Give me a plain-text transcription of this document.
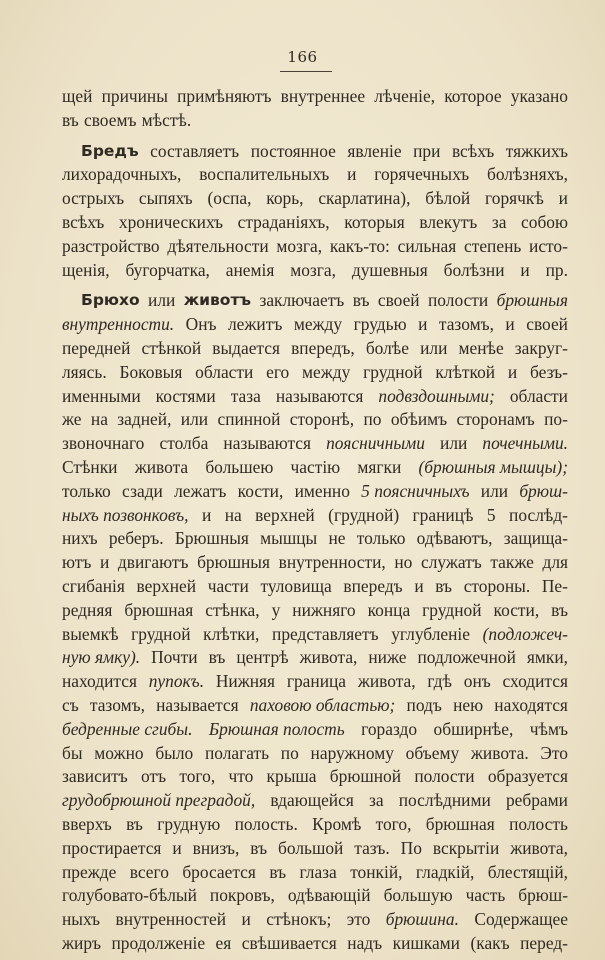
166
щей причины примѣняютъ внутреннее лѣченіе, которое указано
въ своемъ мѣстѣ.
Бредъ составляетъ постоянное явленіе при всѣхъ тяжкихъ
лихорадочныхъ, воспалительныхъ и горячечныхъ болѣзняхъ,
острыхъ сыпяхъ (оспа, корь, скарлатина), бѣлой горячкѣ и
всѣхъ хроническихъ страданіяхъ, которыя влекутъ за собою
разстройство дѣятельности мозга, какъ-то: сильная степень исто-
щенія, бугорчатка, анемія мозга, душевныя болѣзни и пр.
Брюхо или животъ заключаетъ въ своей полости брюшныя
внутренности. Онъ лежитъ между грудью и тазомъ, и своей
передней стѣнкой выдается впередъ, болѣе или менѣе закруг-
ляясь. Боковыя области его между грудной клѣткой и безъ-
именными костями таза называются подвздошными; области
же на задней, или спинной сторонѣ, по обѣимъ сторонамъ по-
звоночнаго столба называются поясничными или почечными.
Стѣнки живота большею частію мягки (брюшныя мышцы);
только сзади лежатъ кости, именно 5 поясничныхъ или брюш-
ныхъ позвонковъ, и на верхней (грудной) границѣ 5 послѣд-
нихъ реберъ. Брюшныя мышцы не только одѣваютъ, защища-
ютъ и двигаютъ брюшныя внутренности, но служатъ также для
сгибанія верхней части туловища впередъ и въ стороны. Пе-
редняя брюшная стѣнка, у нижняго конца грудной кости, въ
выемкѣ грудной клѣтки, представляетъ углубленіе (подложеч-
ную ямку). Почти въ центрѣ живота, ниже подложечной ямки,
находится пупокъ. Нижняя граница живота, гдѣ онъ сходится
съ тазомъ, называется паховою областью; подъ нею находятся
бедренные сгибы. Брюшная полость гораздо обширнѣе, чѣмъ
бы можно было полагать по наружному объему живота. Это
зависитъ отъ того, что крыша брюшной полости образуется
грудобрюшной преградой, вдающейся за послѣдними ребрами
вверхъ въ грудную полость. Кромѣ того, брюшная полость
простирается и внизъ, въ большой тазъ. По вскрытіи живота,
прежде всего бросается въ глаза тонкій, гладкій, блестящій,
голубовато-бѣлый покровъ, одѣвающій большую часть брюш-
ныхъ внутренностей и стѣнокъ; это брюшина. Содержащее
жиръ продолженіе ея свѣшивается надъ кишками (какъ перед-
